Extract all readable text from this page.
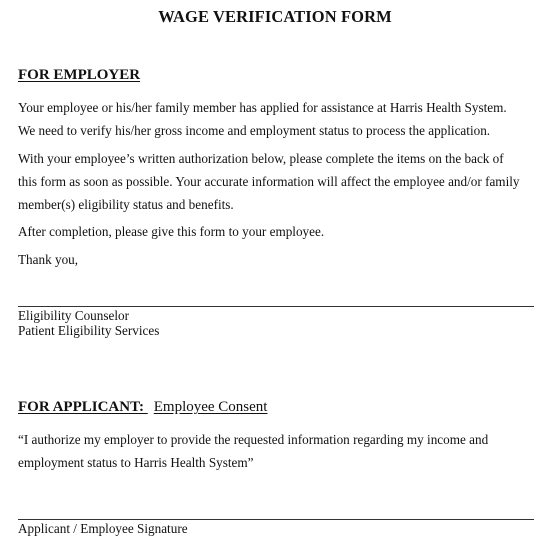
WAGE VERIFICATION FORM
FOR EMPLOYER
Your employee or his/her family member has applied for assistance at Harris Health System.
We need to verify his/her gross income and employment status to process the application.
With your employee’s written authorization below, please complete the items on the back of
this form as soon as possible. Your accurate information will affect the employee and/or family
member(s) eligibility status and benefits.
After completion, please give this form to your employee.
Thank you,
Eligibility Counselor
Patient Eligibility Services
FOR APPLICANT: Employee Consent
“I authorize my employer to provide the requested information regarding my income and
employment status to Harris Health System”
Applicant / Employee Signature
